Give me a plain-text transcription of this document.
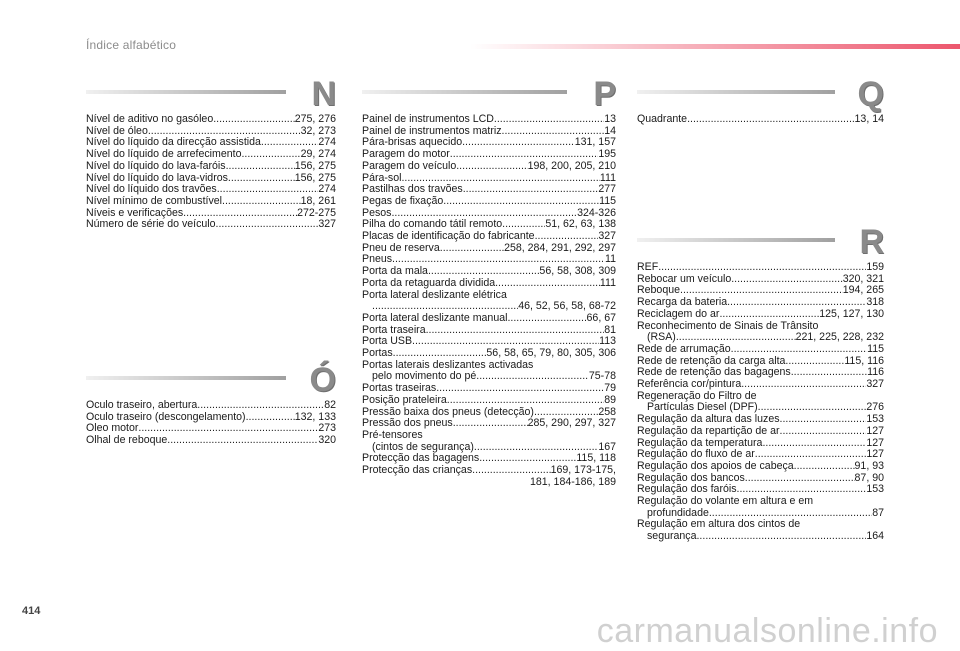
Índice alfabético
N
Nível de aditivo no gasóleo .....	275, 276
Nível de óleo .....	32, 273
Nível do líquido da direcção assistida .....	274
Nível do líquido de arrefecimento .....	29, 274
Nível do líquido do lava-faróis .....	156, 275
Nível do líquido do lava-vidros .....	156, 275
Nível do líquido dos travões .....	274
Nível mínimo de combustível .....	18, 261
Níveis e verificações .....	272-275
Número de série do veículo .....	327
Ó
Óculo traseiro, abertura .....	82
Óculo traseiro (descongelamento) .....	132, 133
Óleo motor .....	273
Olhal de reboque .....	320
P
Painel de instrumentos LCD .....	13
Painel de instrumentos matriz .....	14
Pára-brisas aquecido .....	131, 157
Paragem do motor .....	195
Paragem do veículo .....	198, 200, 205, 210
Pára-sol .....	111
Pastilhas dos travões .....	277
Pegas de fixação .....	115
Pesos .....	324-326
Pilha do comando tátil remoto .....	51, 62, 63, 138
Placas de identificação do fabricante .....	327
Pneu de reserva .....	258, 284, 291, 292, 297
Pneus .....	11
Porta da mala .....	56, 58, 308, 309
Porta da retaguarda dividida .....	111
Porta lateral deslizante elétrica
.....
46, 52, 56, 58, 68-72
Porta lateral deslizante manual .....	66, 67
Porta traseira .....	81
Porta USB .....	113
Portas .....	56, 58, 65, 79, 80, 305, 306
Portas laterais deslizantes activadas
pelo movimento do pé .....	75-78
Portas traseiras .....	79
Posição prateleira .....	89
Pressão baixa dos pneus (detecção) .....	258
Pressão dos pneus .....	285, 290, 297, 327
Pré-tensores
(cintos de segurança) .....	167
Protecção das bagagens .....	115, 118
Protecção das crianças .....	169, 173-175,
181, 184-186, 189
Q
Quadrante .....	13, 14
R
REF .....	159
Rebocar um veículo .....	320, 321
Reboque .....	194, 265
Recarga da bateria .....	318
Reciclagem do ar .....	125, 127, 130
Reconhecimento de Sinais de Trânsito
(RSA) .....	221, 225, 228, 232
Rede de arrumação .....	115
Rede de retenção da carga alta .....	115, 116
Rede de retenção das bagagens .....	116
Referência cor/pintura .....	327
Regeneração do Filtro de
Partículas Diesel (DPF) .....	276
Regulação da altura das luzes .....	153
Regulação da repartição de ar .....	127
Regulação da temperatura .....	127
Regulação do fluxo de ar .....	127
Regulação dos apoios de cabeça .....	91, 93
Regulação dos bancos .....	87, 90
Regulação dos faróis .....	153
Regulação do volante em altura e em
profundidade .....	87
Regulação em altura dos cintos de
segurança .....	164
414
carmanualsonline.info
